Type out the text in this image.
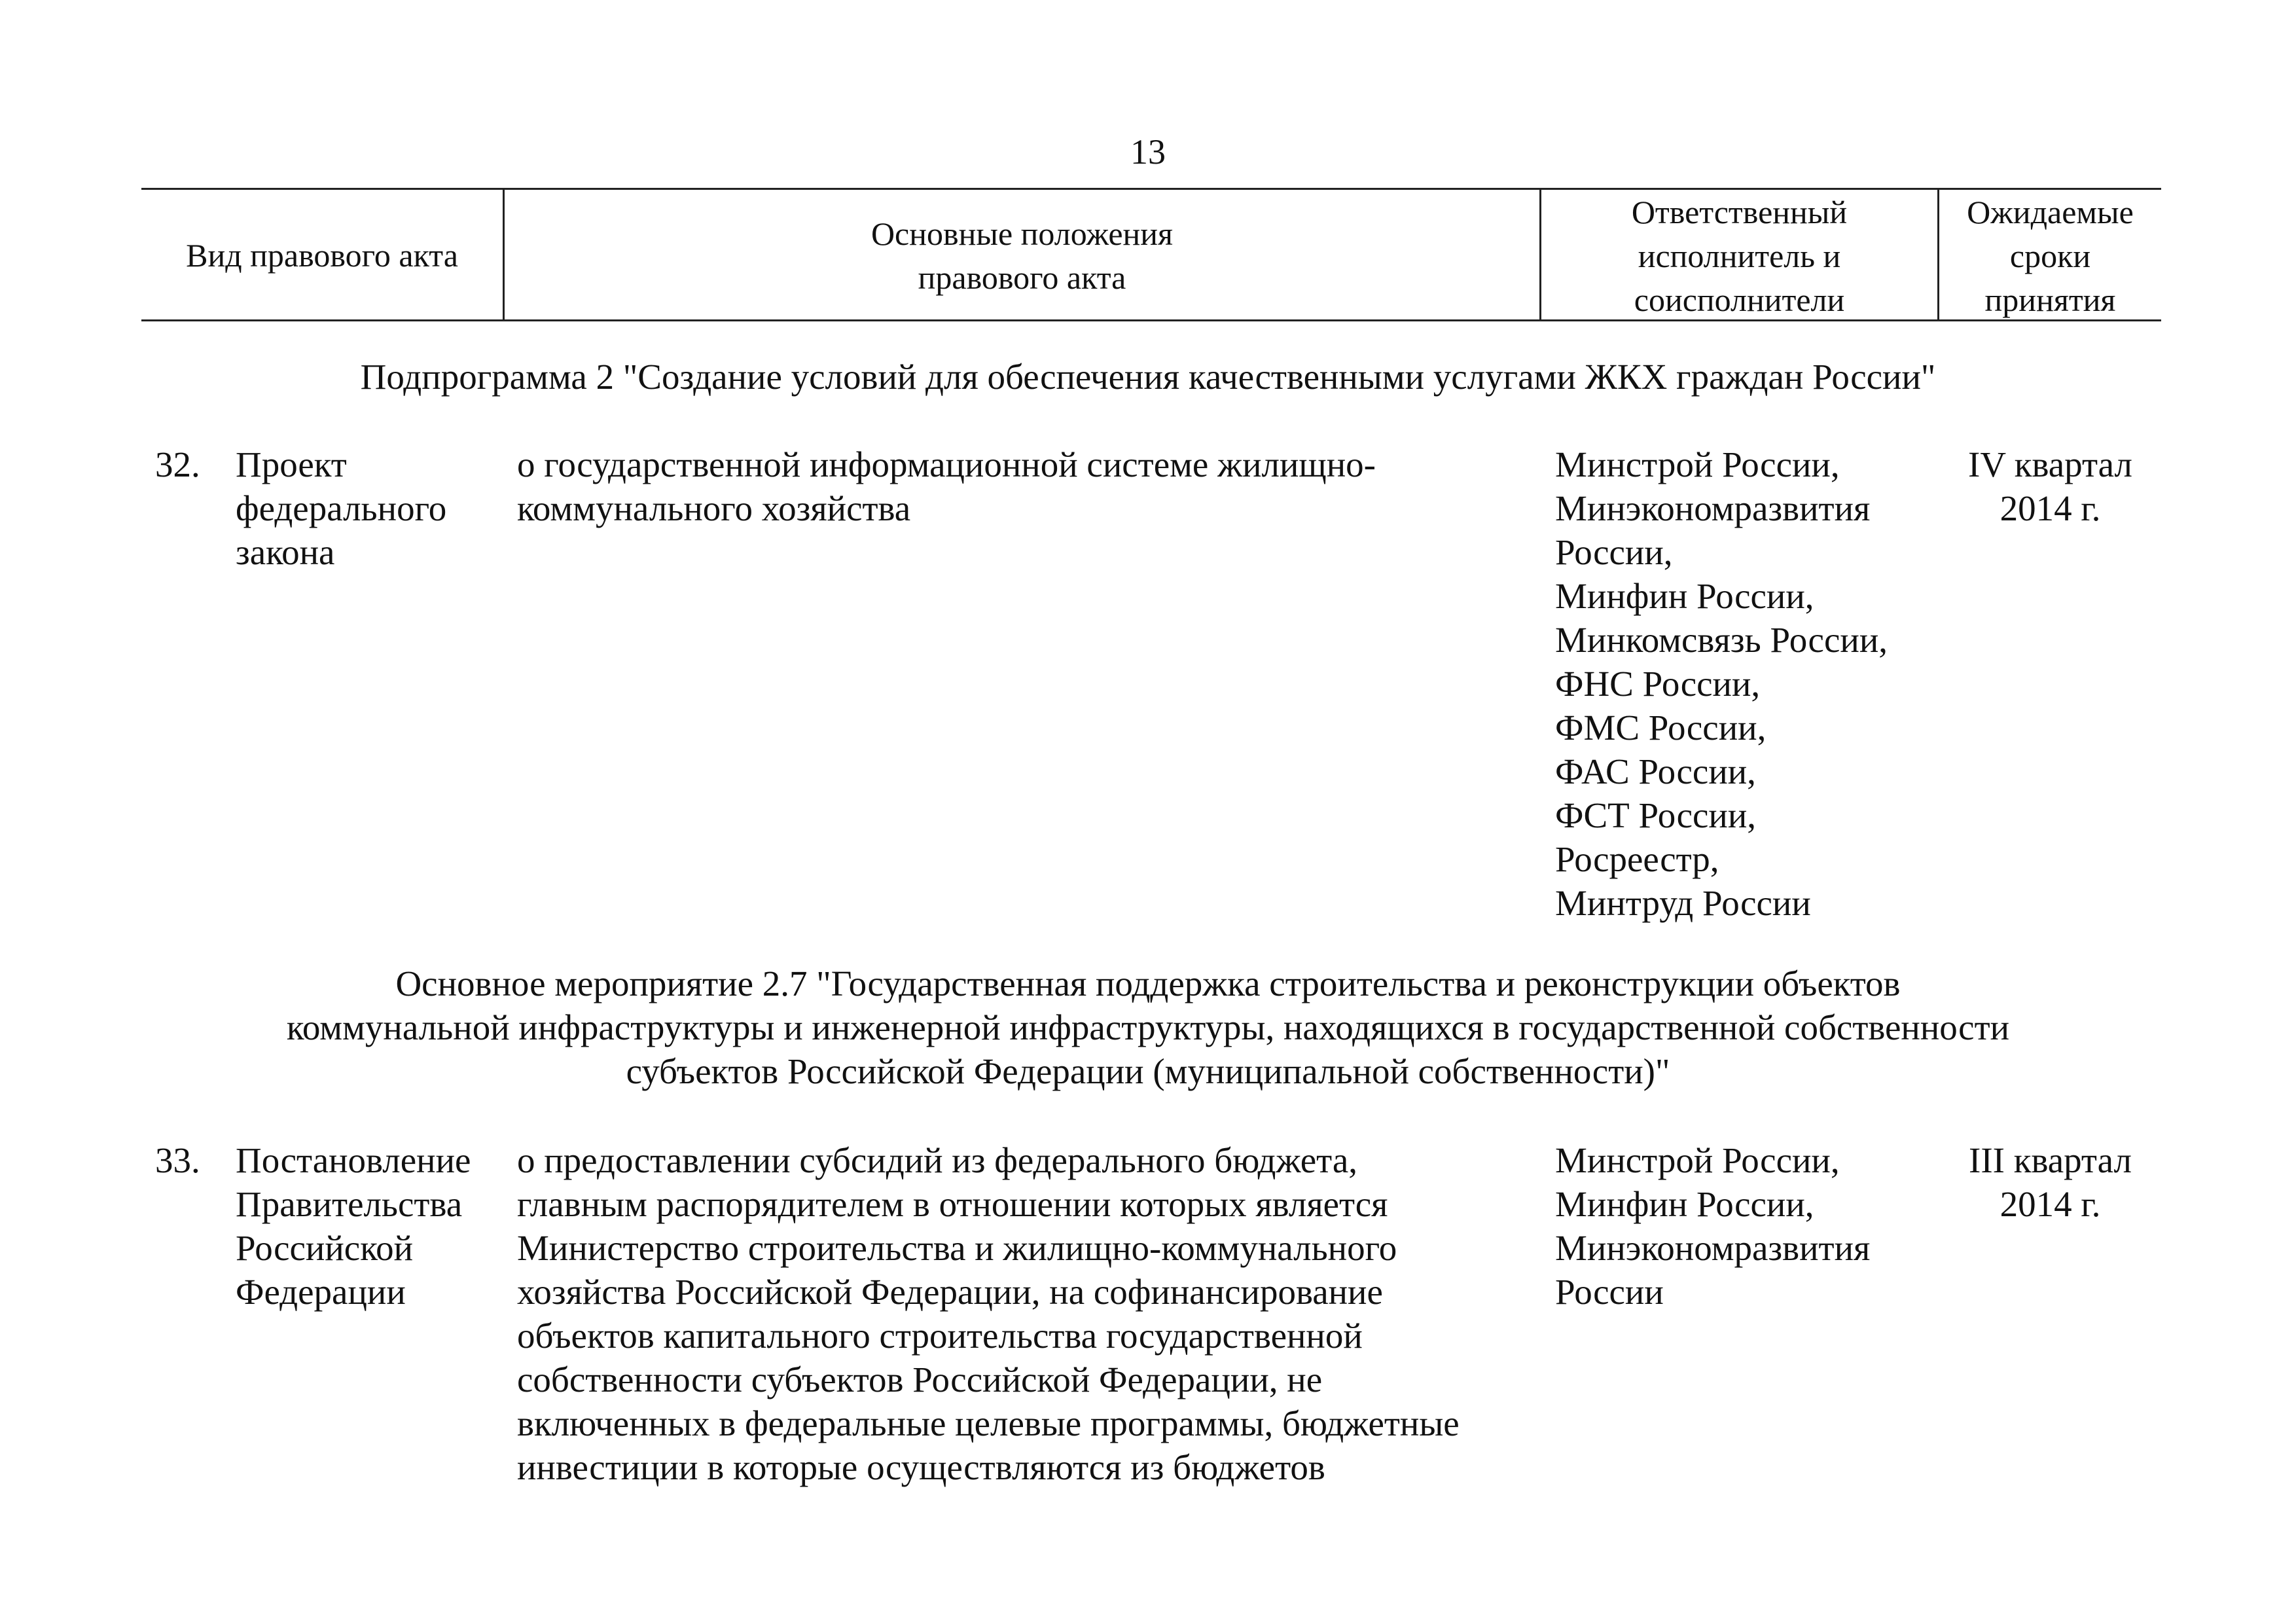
13
Вид правового акта
Основные положения
правового акта
Ответственный
исполнитель и
соисполнители
Ожидаемые
сроки
принятия
Подпрограмма 2 "Создание условий для обеспечения качественными услугами ЖКХ граждан России"
32. Проект
федерального
закона
о государственной информационной системе жилищно-
коммунального хозяйства
Минстрой России,
Минэкономразвития
России,
Минфин России,
Минкомсвязь России,
ФНС России,
ФМС России,
ФАС России,
ФСТ России,
Росреестр,
Минтруд России
IV квартал
2014 г.
Основное мероприятие 2.7 "Государственная поддержка строительства и реконструкции объектов
коммунальной инфраструктуры и инженерной инфраструктуры, находящихся в государственной собственности
субъектов Российской Федерации (муниципальной собственности)"
33. Постановление
Правительства
Российской
Федерации
о предоставлении субсидий из федерального бюджета,
главным распорядителем в отношении которых является
Министерство строительства и жилищно-коммунального
хозяйства Российской Федерации, на софинансирование
объектов капитального строительства государственной
собственности субъектов Российской Федерации, не
включенных в федеральные целевые программы, бюджетные
инвестиции в которые осуществляются из бюджетов
Минстрой России,
Минфин России,
Минэкономразвития
России
III квартал
2014 г.
